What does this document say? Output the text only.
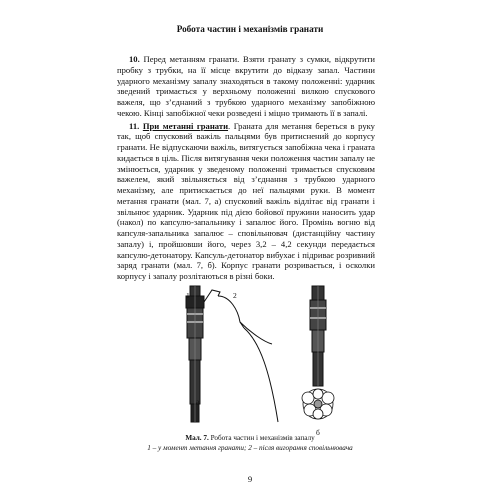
Робота частин і механізмів гранати

10. Перед метанням гранати. Взяти гранату з сумки, відкрутити пробку з трубки, на її місце вкрутити до відказу запал. Частини ударного механізму запалу знаходяться в такому положенні: ударник зведений тримається у верхньому положенні вилкою спускового важеля, що з’єднаний з трубкою ударного механізму запобіжною чекою. Кінці запобіжної чеки розведені і міцно тримають її в запалі.

11. При метанні гранати. Граната для метання береться в руку так, щоб спусковий важіль пальцями був притиснений до корпусу гранати. Не відпускаючи важіль, витягується запобіжна чека і граната кидається в ціль. Після витягування чеки положення частин запалу не змінюється, ударник у зведеному положенні тримається спусковим важелем, який звільняється від з’єднання з трубкою ударного механізму, але притискається до неї пальцями руки. В момент метання гранати (мал. 7, а) спусковий важіль відлітає від гранати і звільнює ударник. Ударник під дією бойової пружини наносить удар (накол) по капсулю-запальнику і запалює його. Промінь вогню від капсуля-запальника запалює – сповільнювач (дистанційну частину запалу) і, пройшовши його, через 3,2 – 4,2 секунди передається капсулю-детонатору. Капсуль-детонатор вибухає і підриває розривний заряд гранати (мал. 7, б). Корпус гранати розривається, і осколки корпусу і запалу розлітаються в різні боки.

1	2
а
б
Мал. 7. Робота частин і механізмів запалу
1 – у момент метання гранати; 2 – після вигорання сповільнювача
9
